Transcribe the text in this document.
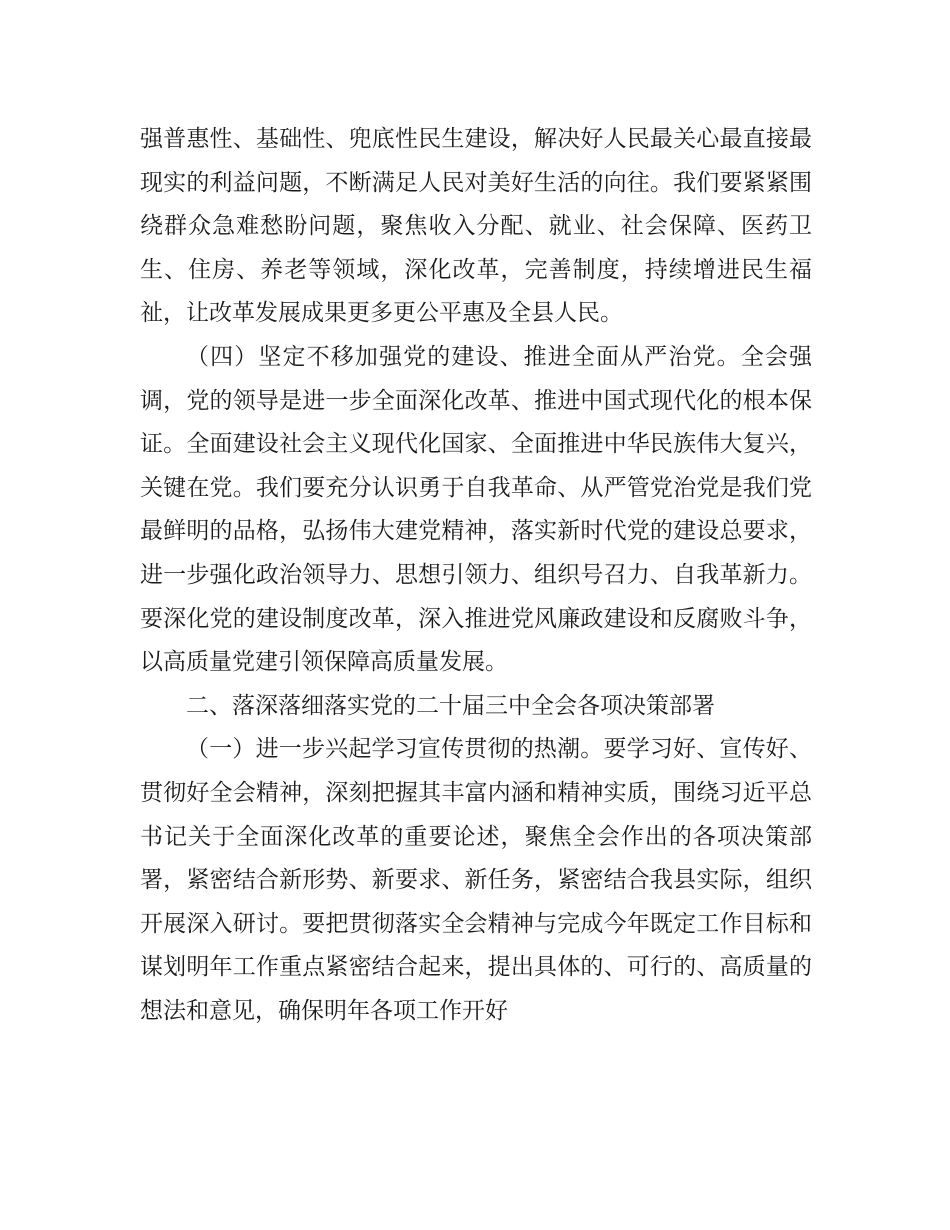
强普惠性、基础性、兜底性民生建设，解决好人民最关心最直接最现实的利益问题，不断满足人民对美好生活的向往。我们要紧紧围绕群众急难愁盼问题，聚焦收入分配、就业、社会保障、医药卫生、住房、养老等领域，深化改革，完善制度，持续增进民生福祉，让改革发展成果更多更公平惠及全县人民。

（四）坚定不移加强党的建设、推进全面从严治党。全会强调，党的领导是进一步全面深化改革、推进中国式现代化的根本保证。全面建设社会主义现代化国家、全面推进中华民族伟大复兴，关键在党。我们要充分认识勇于自我革命、从严管党治党是我们党最鲜明的品格，弘扬伟大建党精神，落实新时代党的建设总要求，进一步强化政治领导力、思想引领力、组织号召力、自我革新力。要深化党的建设制度改革，深入推进党风廉政建设和反腐败斗争，以高质量党建引领保障高质量发展。

二、落深落细落实党的二十届三中全会各项决策部署

（一）进一步兴起学习宣传贯彻的热潮。要学习好、宣传好、贯彻好全会精神，深刻把握其丰富内涵和精神实质，围绕习近平总书记关于全面深化改革的重要论述，聚焦全会作出的各项决策部署，紧密结合新形势、新要求、新任务，紧密结合我县实际，组织开展深入研讨。要把贯彻落实全会精神与完成今年既定工作目标和谋划明年工作重点紧密结合起来，提出具体的、可行的、高质量的想法和意见，确保明年各项工作开好
